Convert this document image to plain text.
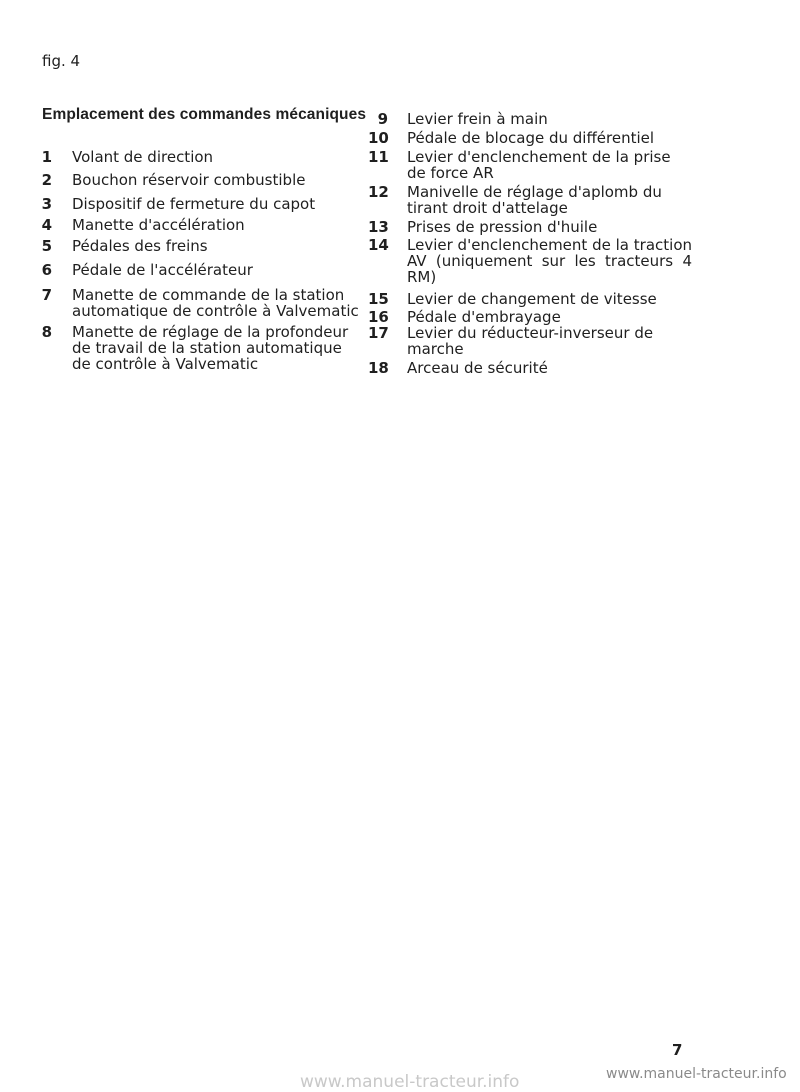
fig. 4
Emplacement des commandes mécaniques
1 Volant de direction
2 Bouchon réservoir combustible
3 Dispositif de fermeture du capot
4 Manette d'accélération
5 Pédales des freins
6 Pédale de l'accélérateur
7 Manette de commande de la station automatique de contrôle à Valvematic
8 Manette de réglage de la profondeur de travail de la station automatique de contrôle à Valvematic
9 Levier frein à main
10 Pédale de blocage du différentiel
11 Levier d'enclenchement de la prise de force AR
12 Manivelle de réglage d'aplomb du tirant droit d'attelage
13 Prises de pression d'huile
14 Levier d'enclenchement de la traction AV (uniquement sur les tracteurs 4 RM)
15 Levier de changement de vitesse
16 Pédale d'embrayage
17 Levier du réducteur-inverseur de marche
18 Arceau de sécurité
7
www.manuel-tracteur.info	www.manuel-tracteur.info
